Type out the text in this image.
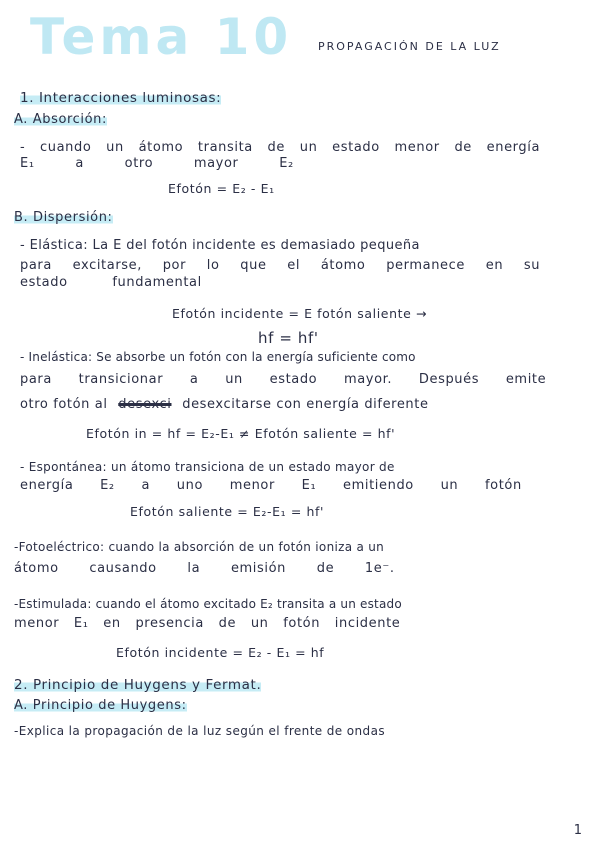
Tema 10 PROPAGACIÓN DE LA LUZ
1. Interacciones luminosas:
A. Absorción:
- cuando un átomo transita de un estado menor de energía
E₁ a otro mayor E₂
Efotón = E₂ - E₁
B. Dispersión:
- Elástica: La E del fotón incidente es demasiado pequeña
para excitarse, por lo que el átomo permanece en su
estado fundamental
Efotón incidente = E fotón saliente →
hf = hf'
- Inelástica: Se absorbe un fotón con la energía suficiente como
para transicionar a un estado mayor. Después emite
otro fotón al desexci desexcitarse con energía diferente
Efotón in = hf = E₂-E₁ ≠ Efotón saliente = hf'
- Espontánea: un átomo transiciona de un estado mayor de
energía E₂ a uno menor E₁ emitiendo un fotón
Efotón saliente = E₂-E₁ = hf'
-Fotoeléctrico: cuando la absorción de un fotón ioniza a un
átomo causando la emisión de 1e⁻.
-Estimulada: cuando el átomo excitado E₂ transita a un estado
menor E₁ en presencia de un fotón incidente
Efotón incidente = E₂ - E₁ = hf
2. Principio de Huygens y Fermat.
A. Principio de Huygens:
-Explica la propagación de la luz según el frente de ondas
1
